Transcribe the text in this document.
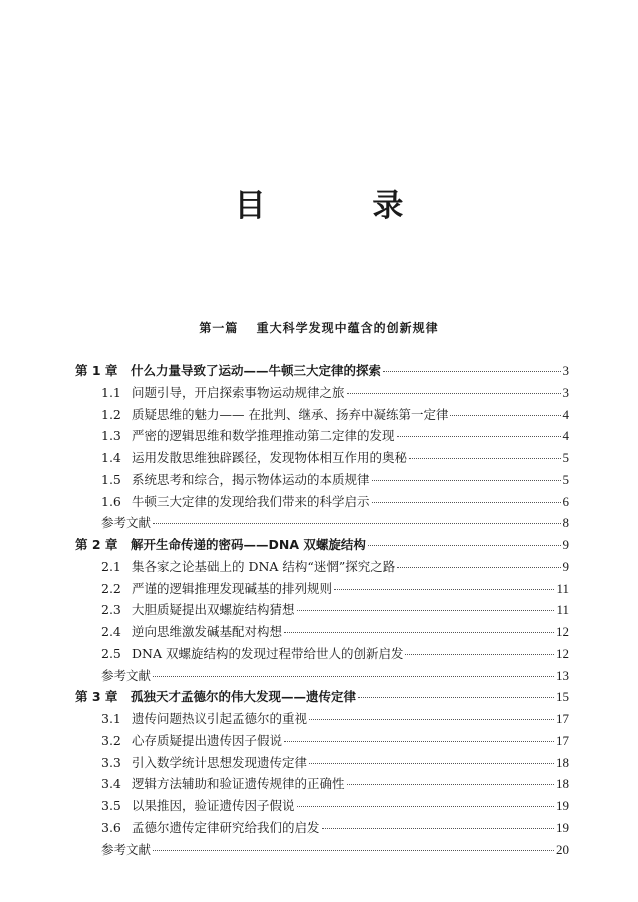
目 录
第一篇　 重大科学发现中蕴含的创新规律
第 1 章	什么力量导致了运动——牛顿三大定律的探索	3
1.1 问题引导，开启探索事物运动规律之旅	3
1.2 质疑思维的魅力—— 在批判、继承、扬弃中凝练第一定律	4
1.3 严密的逻辑思维和数学推理推动第二定律的发现	4
1.4 运用发散思维独辟蹊径，发现物体相互作用的奥秘	5
1.5 系统思考和综合，揭示物体运动的本质规律	5
1.6 牛顿三大定律的发现给我们带来的科学启示	6
参考文献	8
第 2 章	解开生命传递的密码——DNA 双螺旋结构	9
2.1 集各家之论基础上的 DNA 结构“迷惘”探究之路	9
2.2 严谨的逻辑推理发现碱基的排列规则	11
2.3 大胆质疑提出双螺旋结构猜想	11
2.4 逆向思维激发碱基配对构想	12
2.5 DNA 双螺旋结构的发现过程带给世人的创新启发	12
参考文献	13
第 3 章	孤独天才孟德尔的伟大发现——遗传定律	15
3.1 遗传问题热议引起孟德尔的重视	17
3.2 心存质疑提出遗传因子假说	17
3.3 引入数学统计思想发现遗传定律	18
3.4 逻辑方法辅助和验证遗传规律的正确性	18
3.5 以果推因，验证遗传因子假说	19
3.6 孟德尔遗传定律研究给我们的启发	19
参考文献	20
